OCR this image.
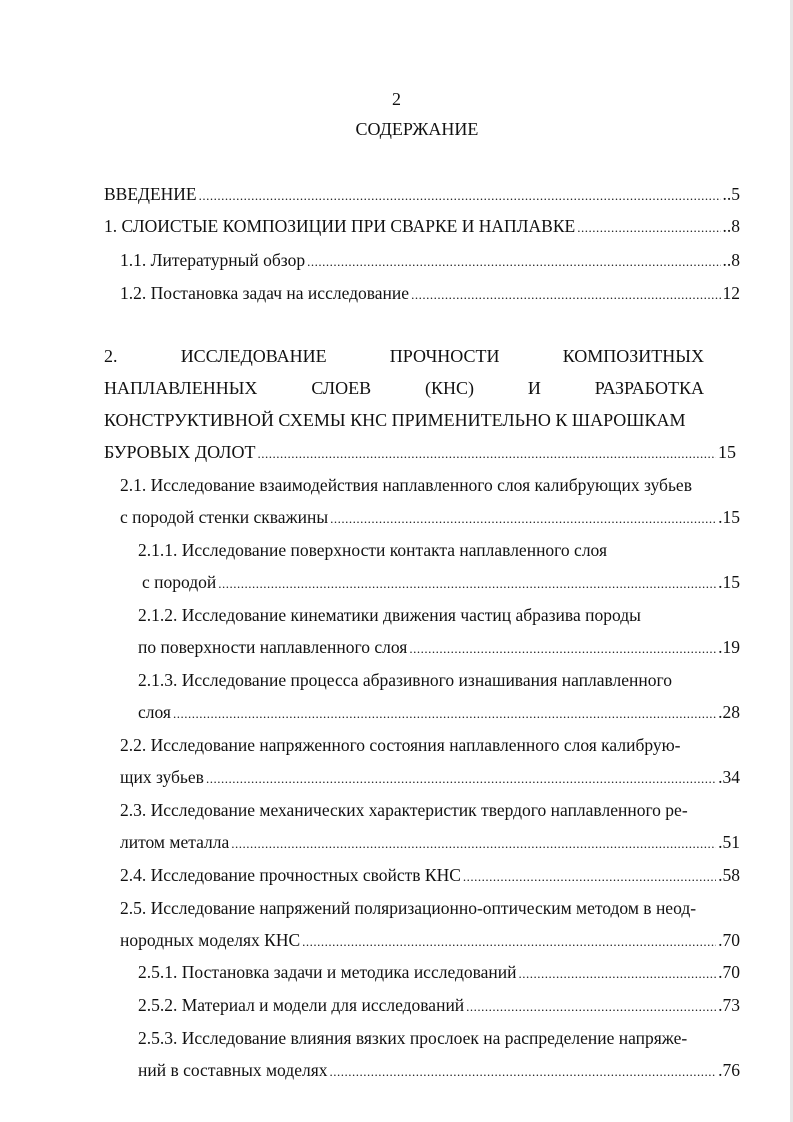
2
СОДЕРЖАНИЕ
ВВЕДЕНИЕ .....	..5
1. СЛОИСТЫЕ КОМПОЗИЦИИ ПРИ СВАРКЕ И НАПЛАВКЕ .....	..8
1.1. Литературный обзор .....	..8
1.2. Постановка задач на исследование .....	12
2.	ИССЛЕДОВАНИЕ	ПРОЧНОСТИ	КОМПОЗИТНЫХ
НАПЛАВЛЕННЫХ	СЛОЕВ	(КНС)	И	РАЗРАБОТКА
КОНСТРУКТИВНОЙ СХЕМЫ КНС ПРИМЕНИТЕЛЬНО К ШАРОШКАМ
БУРОВЫХ ДОЛОТ .....	15
2.1. Исследование взаимодействия наплавленного слоя калибрующих зубьев
с породой стенки скважины .....	.15
2.1.1. Исследование поверхности контакта наплавленного слоя
с породой .....	.15
2.1.2. Исследование кинематики движения частиц абразива породы
по поверхности наплавленного слоя .....	.19
2.1.3. Исследование процесса абразивного изнашивания наплавленного
слоя .....	.28
2.2. Исследование напряженного состояния наплавленного слоя калибрую-
щих зубьев .....	.34
2.3. Исследование механических характеристик твердого наплавленного ре-
литом металла .....	.51
2.4. Исследование прочностных свойств КНС .....	.58
2.5. Исследование напряжений поляризационно-оптическим методом в неод-
нородных моделях КНС .....	.70
2.5.1. Постановка задачи и методика исследований .....	.70
2.5.2. Материал и модели для исследований .....	.73
2.5.3. Исследование влияния вязких прослоек на распределение напряже-
ний в составных моделях .....	.76
